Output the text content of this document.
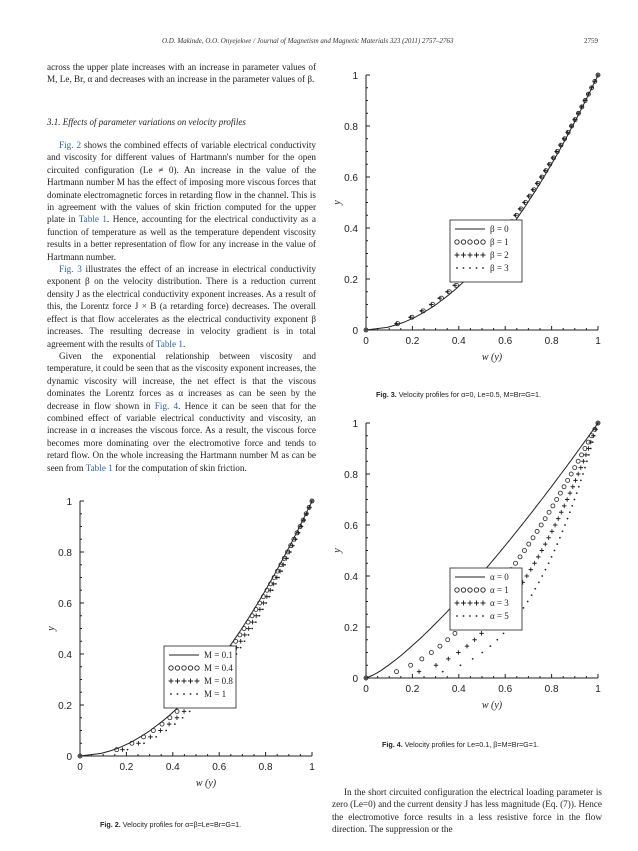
O.D. Makinde, O.O. Onyejekwe / Journal of Magnetism and Magnetic Materials 323 (2011) 2757–2763	2759

across the upper plate increases with an increase in parameter values of M, Le, Br, α and decreases with an increase in the parameter values of β.

3.1. Effects of parameter variations on velocity profiles

Fig. 2 shows the combined effects of variable electrical conductivity and viscosity for different values of Hartmann's number for the open circuited configuration (Le ≠ 0). An increase in the value of the Hartmann number M has the effect of imposing more viscous forces that dominate electromagnetic forces in retarding flow in the channel. This is in agreement with the values of skin friction computed for the upper plate in Table 1. Hence, accounting for the electrical conductivity as a function of temperature as well as the temperature dependent viscosity results in a better representation of flow for any increase in the value of Hartmann number.

Fig. 3 illustrates the effect of an increase in electrical conductivity exponent β on the velocity distribution. There is a reduction current density J as the electrical conductivity exponent increases. As a result of this, the Lorentz force J × B (a retarding force) decreases. The overall effect is that flow accelerates as the electrical conductivity exponent β increases. The resulting decrease in velocity gradient is in total agreement with the results of Table 1.

Given the exponential relationship between viscosity and temperature, it could be seen that as the viscosity exponent increases, the dynamic viscosity will increase, the net effect is that the viscous dominates the Lorentz forces as α increases as can be seen by the decrease in flow shown in Fig. 4. Hence it can be seen that for the combined effect of variable electrical conductivity and viscosity, an increase in α increases the viscous force. As a result, the viscous force becomes more dominating over the electromotive force and tends to retard flow. On the whole increasing the Hartmann number M as can be seen from Table 1 for the computation of skin friction.

0	0.2	0.4	0.6	0.8	1
0
0.2
0.4
0.6
0.8
1
w (y)
y
M = 0.1
M = 0.4
M = 0.8
M = 1
Fig. 2. Velocity profiles for α=β=Le=Br=G=1.
0	0.2	0.4	0.6	0.8	1
0
0.2
0.4
0.6
0.8
1
w (y)
y
β = 0
β = 1
β = 2
β = 3
Fig. 3. Velocity profiles for α=0, Le=0.5, M=Br=G=1.
0	0.2	0.4	0.6	0.8	1
0
0.2
0.4
0.6
0.8
1
w (y)
y
α = 0
α = 1
α = 3
α = 5
Fig. 4. Velocity profiles for Le=0.1, β=M=Br=G=1.

In the short circuited configuration the electrical loading parameter is zero (Le=0) and the current density J has less magnitude (Eq. (7)). Hence the electromotive force results in a less resistive force in the flow direction. The suppression or the
